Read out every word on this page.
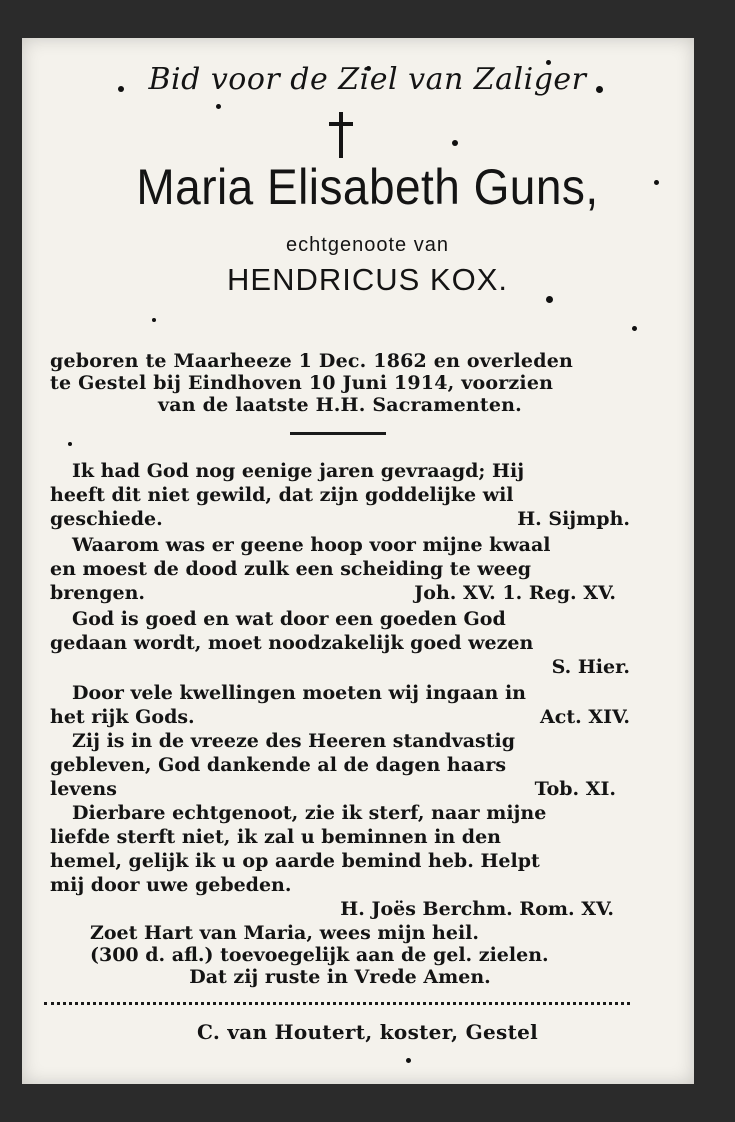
Bid voor de Ziel van Zaliger
Maria Elisabeth Guns,
echtgenoote van
HENDRICUS KOX.
geboren te Maarheeze 1 Dec. 1862 en overleden
te Gestel bij Eindhoven 10 Juni 1914, voorzien
van de laatste H.H. Sacramenten.
Ik had God nog eenige jaren gevraagd; Hij
heeft dit niet gewild, dat zijn goddelijke wil
geschiede.	H. Sijmph.
Waarom was er geene hoop voor mijne kwaal
en moest de dood zulk een scheiding te weeg
brengen.	Joh. XV. 1. Reg. XV.
God is goed en wat door een goeden God
gedaan wordt, moet noodzakelijk goed wezen
S. Hier.
Door vele kwellingen moeten wij ingaan in
het rijk Gods.	Act. XIV.
Zij is in de vreeze des Heeren standvastig
gebleven, God dankende al de dagen haars
levens	Tob. XI.
Dierbare echtgenoot, zie ik sterf, naar mijne
liefde sterft niet, ik zal u beminnen in den
hemel, gelijk ik u op aarde bemind heb. Helpt
mij door uwe gebeden.
H. Joës Berchm. Rom. XV.
Zoet Hart van Maria, wees mijn heil.
(300 d. afl.) toevoegelijk aan de gel. zielen.
Dat zij ruste in Vrede Amen.
C. van Houtert, koster, Gestel
